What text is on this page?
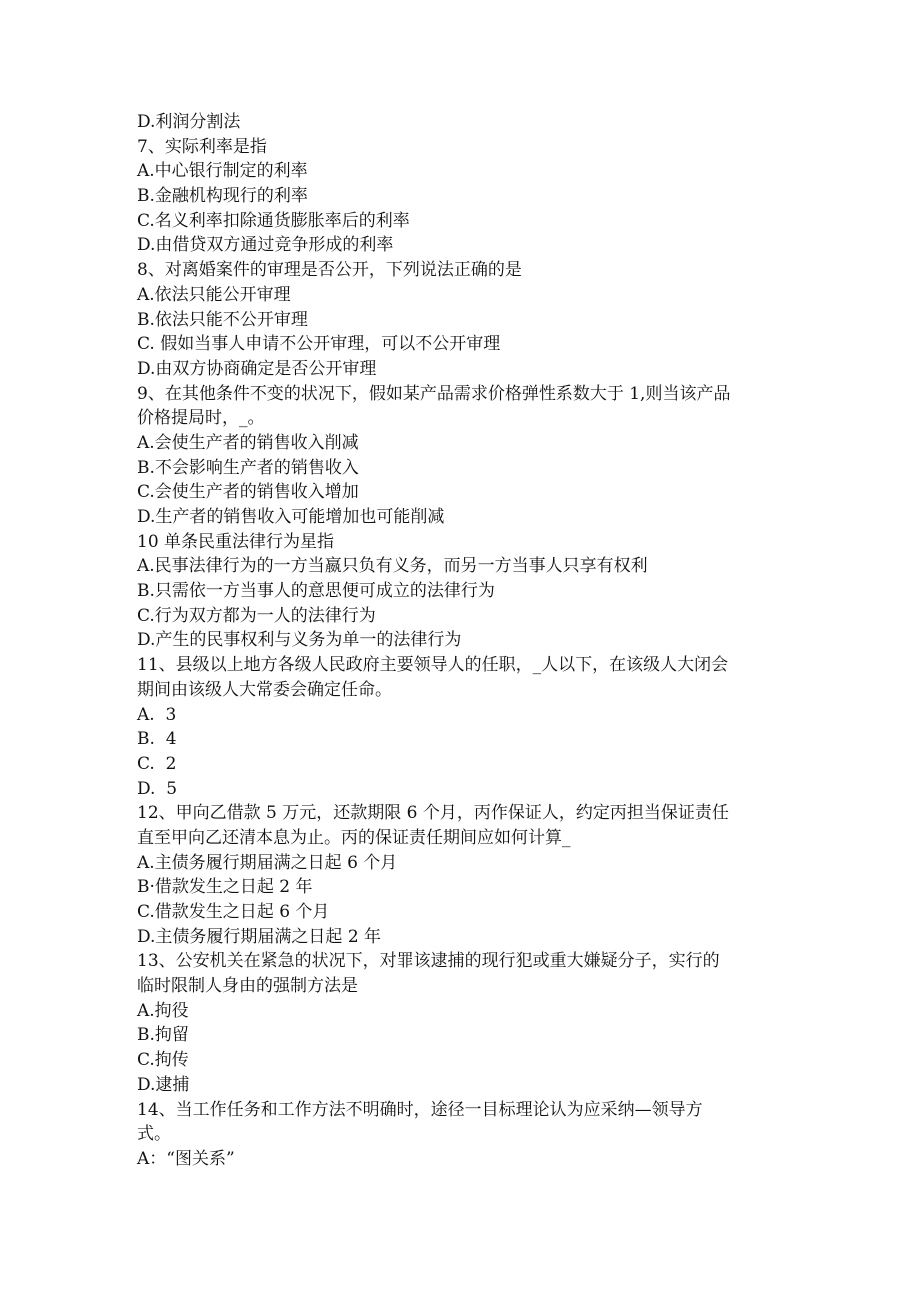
D.利润分割法
7、实际利率是指
A.中心银行制定的利率
B.金融机构现行的利率
C.名义利率扣除通货膨胀率后的利率
D.由借贷双方通过竞争形成的利率
8、对离婚案件的审理是否公开，下列说法正确的是
A.依法只能公开审理
B.依法只能不公开审理
C. 假如当事人申请不公开审理，可以不公开审理
D.由双方协商确定是否公开审理
9、在其他条件不变的状况下，假如某产品需求价格弹性系数大于 1,则当该产品
价格提局时，_。
A.会使生产者的销售收入削减
B.不会影响生产者的销售收入
C.会使生产者的销售收入增加
D.生产者的销售收入可能增加也可能削减
10 单条民重法律行为星指
A.民事法律行为的一方当嬴只负有义务，而另一方当事人只享有权利
B.只需依一方当事人的意思便可成立的法律行为
C.行为双方都为一人的法律行为
D.产生的民事权利与义务为单一的法律行为
11、县级以上地方各级人民政府主要领导人的任职，_人以下，在该级人大闭会
期间由该级人大常委会确定任命。
A.  3
B.  4
C.  2
D.  5
12、甲向乙借款 5 万元，还款期限 6 个月，丙作保证人，约定丙担当保证责任
直至甲向乙还清本息为止。丙的保证责任期间应如何计算_
A.主债务履行期届满之日起 6 个月
B·借款发生之日起 2 年
C.借款发生之日起 6 个月
D.主债务履行期届满之日起 2 年
13、公安机关在紧急的状况下，对罪该逮捕的现行犯或重大嫌疑分子，实行的
临时限制人身由的强制方法是
A.拘役
B.拘留
C.拘传
D.逮捕
14、当工作任务和工作方法不明确时，途径一目标理论认为应采纳—领导方
式。
A：“图关系”
